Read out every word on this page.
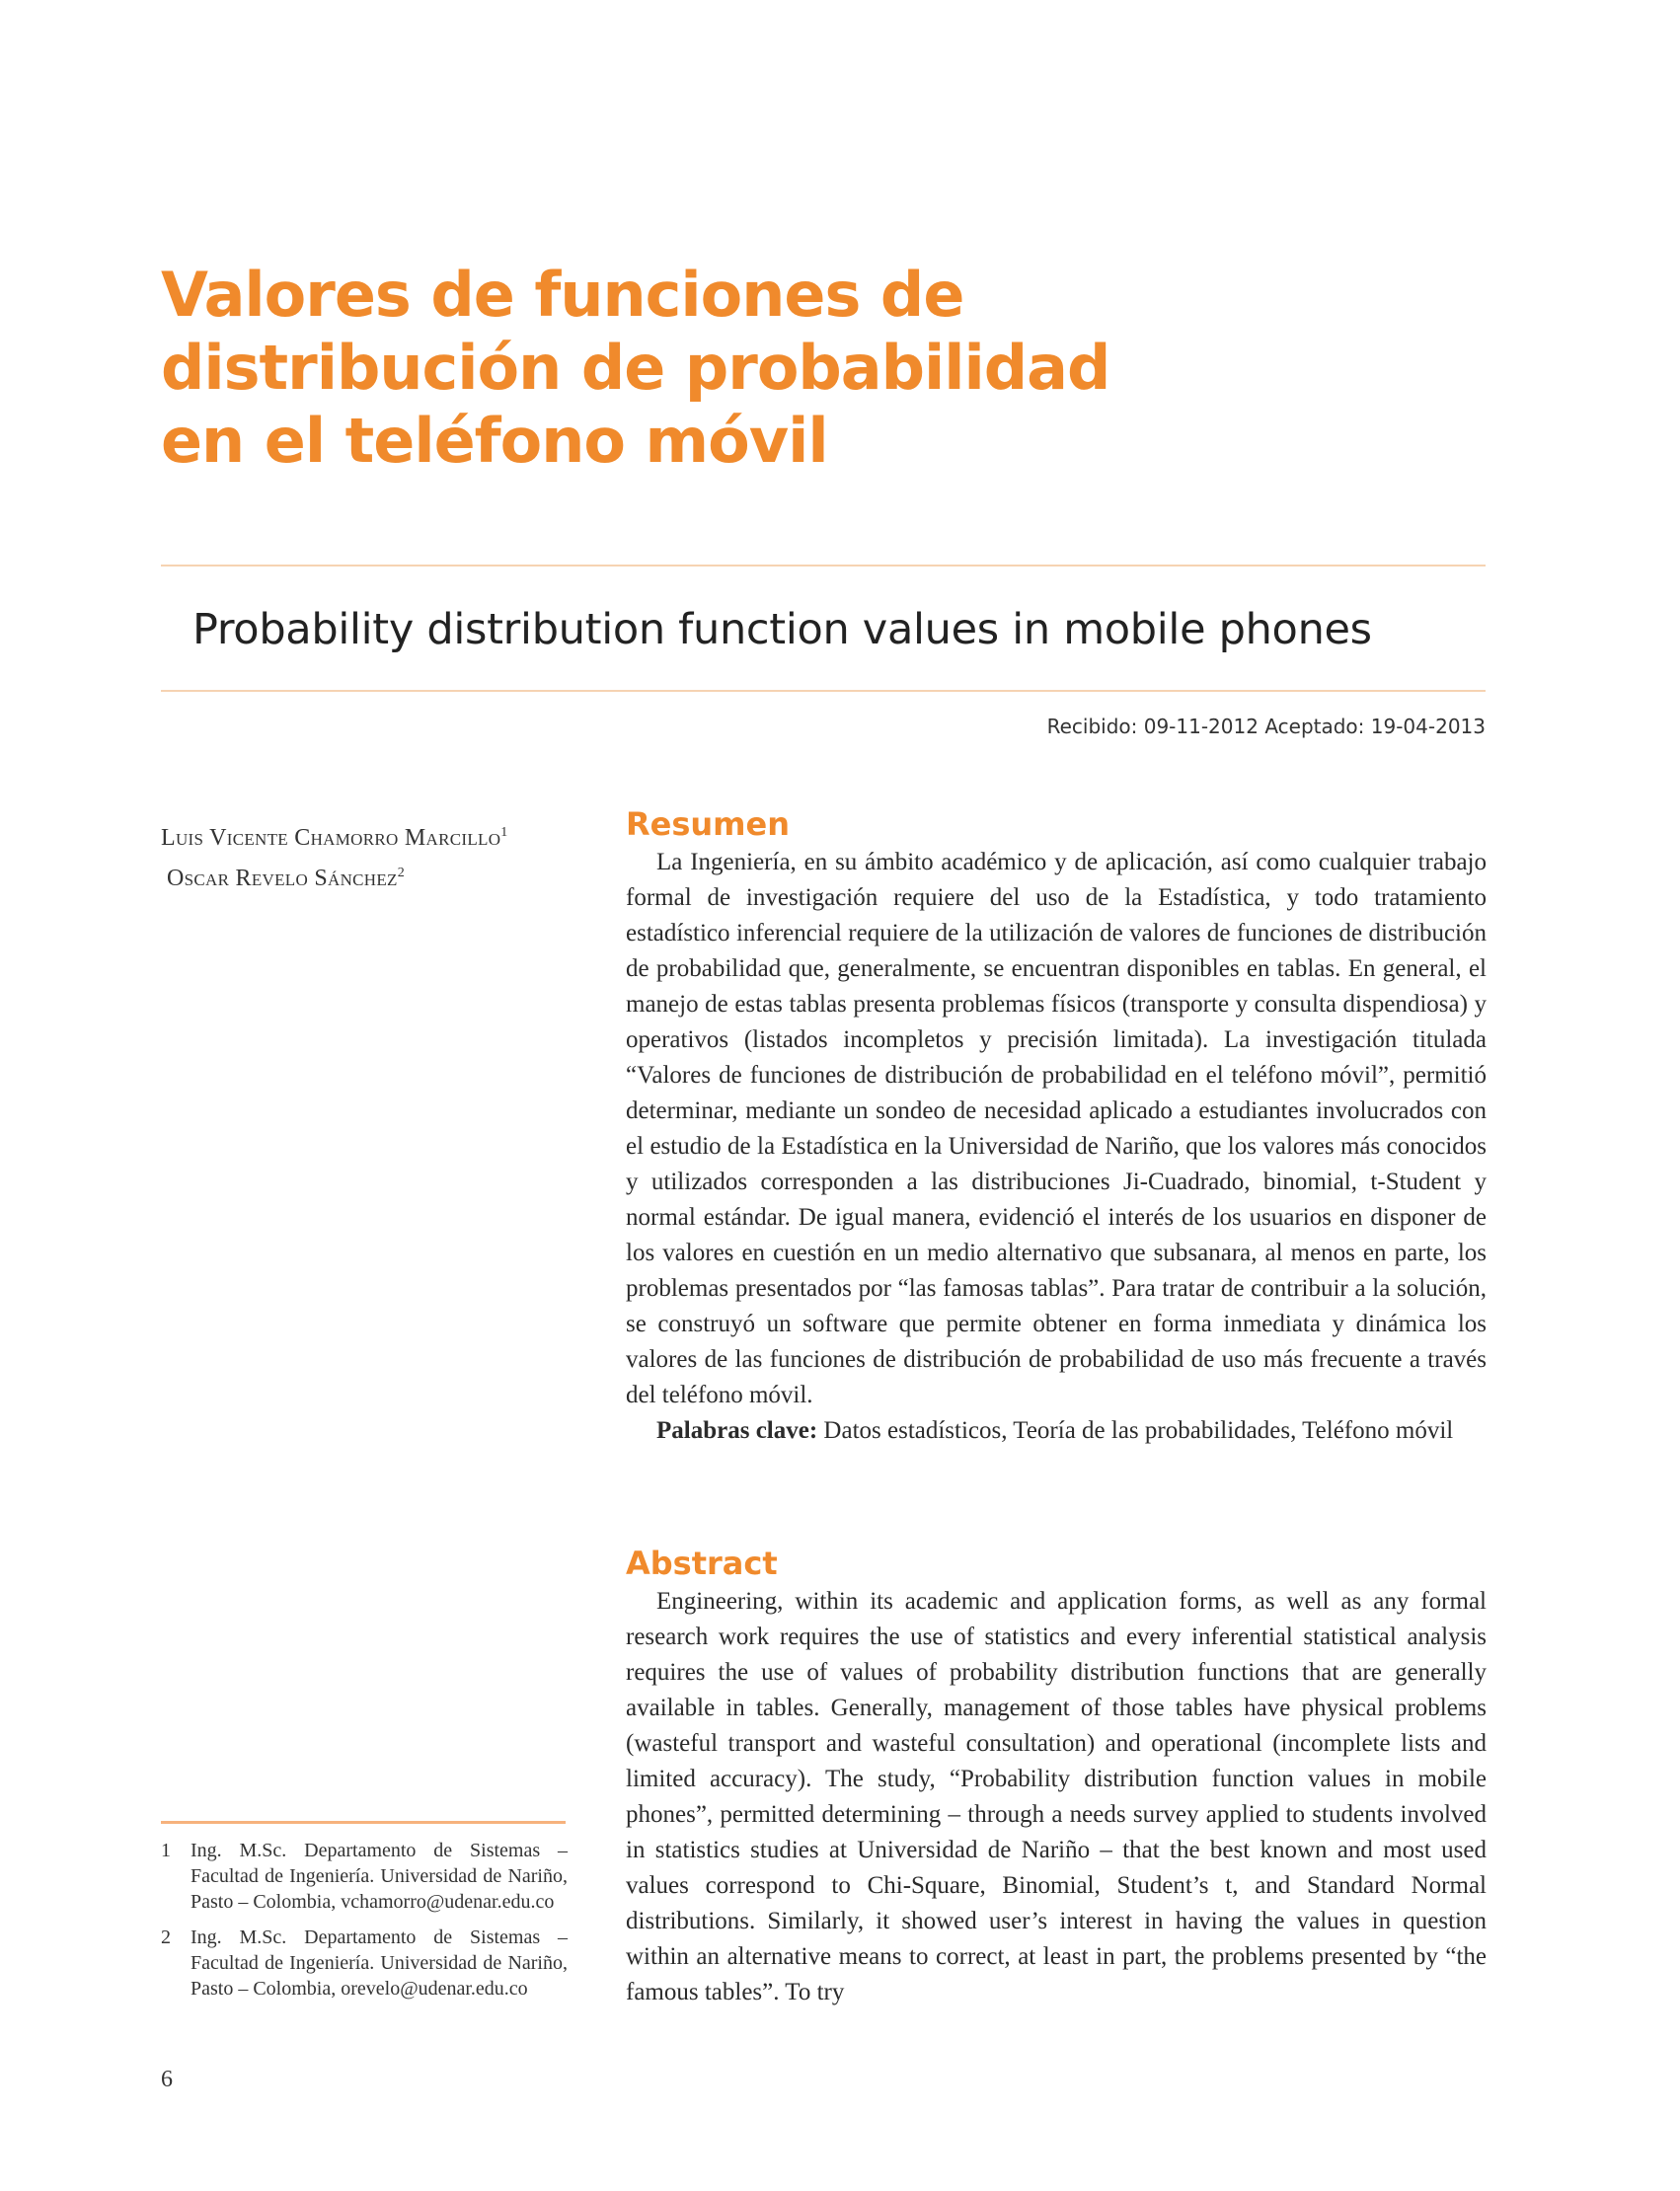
Valores de funciones de
distribución de probabilidad
en el teléfono móvil
Probability distribution function values in mobile phones
Recibido: 09-11-2012 Aceptado: 19-04-2013
Luis Vicente Chamorro Marcillo$^1$
Oscar Revelo Sánchez$^2$
Resumen

La Ingeniería, en su ámbito académico y de aplicación, así como cualquier trabajo formal de investigación requiere del uso de la Estadística, y todo tratamiento estadístico inferencial requiere de la utilización de valores de funciones de distribución de probabilidad que, generalmente, se encuentran disponibles en tablas. En general, el manejo de estas tablas presenta problemas físicos (transporte y consulta dispendiosa) y operativos (listados incompletos y precisión limitada). La investigación titulada “Valores de funciones de distribución de probabilidad en el teléfono móvil”, permitió determinar, mediante un sondeo de necesidad aplicado a estudiantes involucrados con el estudio de la Estadística en la Universidad de Nariño, que los valores más conocidos y utilizados corresponden a las distribuciones Ji-Cuadrado, binomial, t-Student y normal estándar. De igual manera, evidenció el interés de los usuarios en disponer de los valores en cuestión en un medio alternativo que subsanara, al menos en parte, los problemas presentados por “las famosas tablas”. Para tratar de contribuir a la solución, se construyó un software que permite obtener en forma inmediata y dinámica los valores de las funciones de distribución de probabilidad de uso más frecuente a través del teléfono móvil.

Palabras clave: Datos estadísticos, Teoría de las probabilidades, Teléfono móvil

Abstract

Engineering, within its academic and application forms, as well as any formal research work requires the use of statistics and every inferential statistical analysis requires the use of values of probability distribution functions that are generally available in tables. Generally, management of those tables have physical problems (wasteful transport and wasteful consultation) and operational (incomplete lists and limited accuracy). The study, “Probability distribution function values in mobile phones”, permitted determining – through a needs survey applied to students involved in statistics studies at Universidad de Nariño – that the best known and most used values correspond to Chi-Square, Binomial, Student’s t, and Standard Normal distributions. Similarly, it showed user’s interest in having the values in question within an alternative means to correct, at least in part, the problems presented by “the famous tables”. To try

1	Ing. M.Sc. Departamento de Sistemas – Facultad de Ingeniería. Universidad de Nariño, Pasto – Colombia, vchamorro@udenar.edu.co
2	Ing. M.Sc. Departamento de Sistemas – Facultad de Ingeniería. Universidad de Nariño, Pasto – Colombia, orevelo@udenar.edu.co
6
